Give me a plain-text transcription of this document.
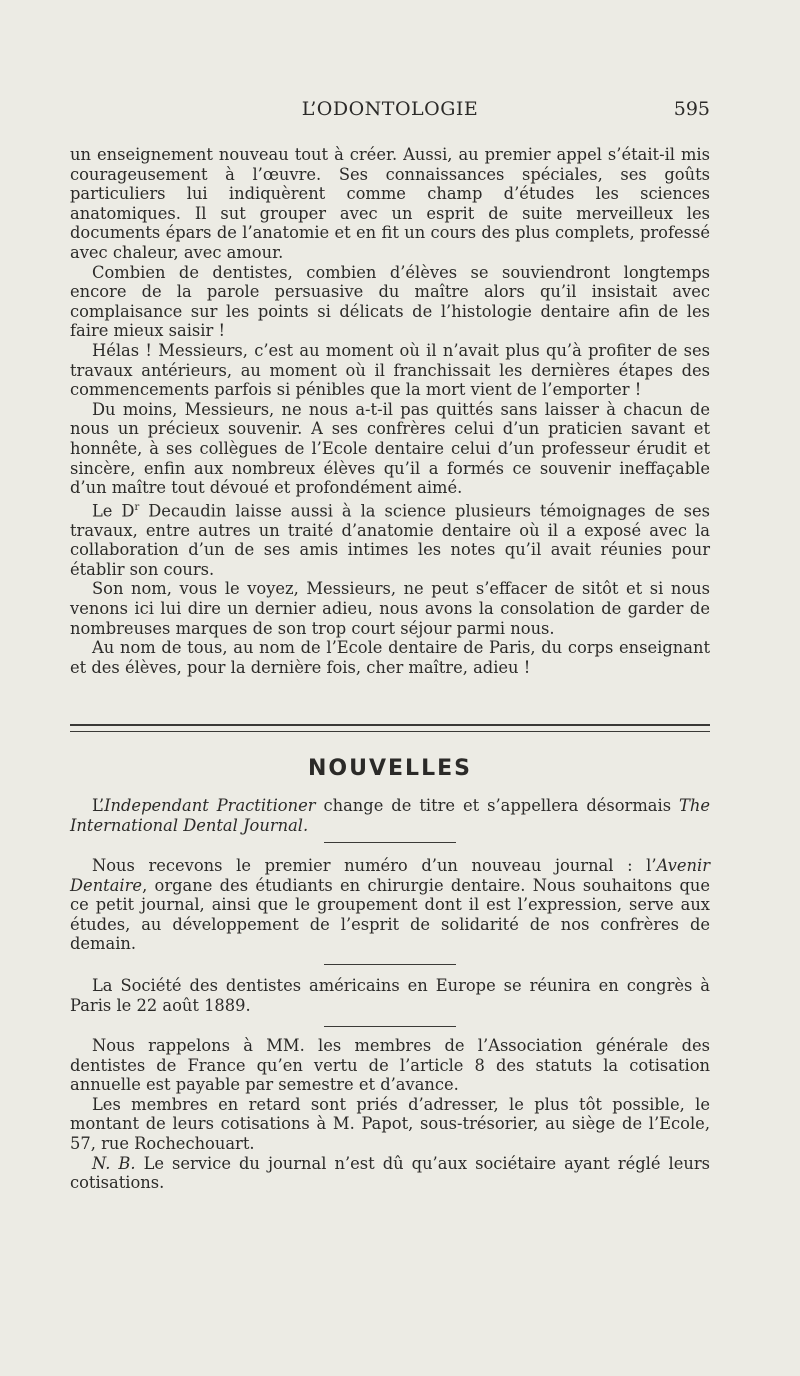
L’ODONTOLOGIE	595

un enseignement nouveau tout à créer. Aussi, au premier appel s’était-il mis courageusement à l’œuvre. Ses connaissances spéciales, ses goûts particuliers lui indiquèrent comme champ d’études les sciences anatomiques. Il sut grouper avec un esprit de suite merveilleux les documents épars de l’anatomie et en fit un cours des plus complets, professé avec chaleur, avec amour.

Combien de dentistes, combien d’élèves se souviendront longtemps encore de la parole persuasive du maître alors qu’il insistait avec complaisance sur les points si délicats de l’histologie dentaire afin de les faire mieux saisir !

Hélas ! Messieurs, c’est au moment où il n’avait plus qu’à profiter de ses travaux antérieurs, au moment où il franchissait les dernières étapes des commencements parfois si pénibles que la mort vient de l’emporter !

Du moins, Messieurs, ne nous a-t-il pas quittés sans laisser à chacun de nous un précieux souvenir. A ses confrères celui d’un praticien savant et honnête, à ses collègues de l’Ecole dentaire celui d’un professeur érudit et sincère, enfin aux nombreux élèves qu’il a formés ce souvenir ineffaçable d’un maître tout dévoué et profondément aimé.

Le $D^r$ Decaudin laisse aussi à la science plusieurs témoignages de ses travaux, entre autres un traité d’anatomie dentaire où il a exposé avec la collaboration d’un de ses amis intimes les notes qu’il avait réunies pour établir son cours.

Son nom, vous le voyez, Messieurs, ne peut s’effacer de sitôt et si nous venons ici lui dire un dernier adieu, nous avons la consolation de garder de nombreuses marques de son trop court séjour parmi nous.

Au nom de tous, au nom de l’Ecole dentaire de Paris, du corps enseignant et des élèves, pour la dernière fois, cher maître, adieu !

NOUVELLES

L’Independant Practitioner change de titre et s’appellera désormais The International Dental Journal.

Nous recevons le premier numéro d’un nouveau journal : l’Avenir Dentaire, organe des étudiants en chirurgie dentaire. Nous souhaitons que ce petit journal, ainsi que le groupement dont il est l’expression, serve aux études, au développement de l’esprit de solidarité de nos confrères de demain.

La Société des dentistes américains en Europe se réunira en congrès à Paris le 22 août 1889.

Nous rappelons à MM. les membres de l’Association générale des dentistes de France qu’en vertu de l’article 8 des statuts la cotisation annuelle est payable par semestre et d’avance.

Les membres en retard sont priés d’adresser, le plus tôt possible, le montant de leurs cotisations à M. Papot, sous-trésorier, au siège de l’Ecole, 57, rue Rochechouart.

N. B. Le service du journal n’est dû qu’aux sociétaire ayant réglé leurs cotisations.
